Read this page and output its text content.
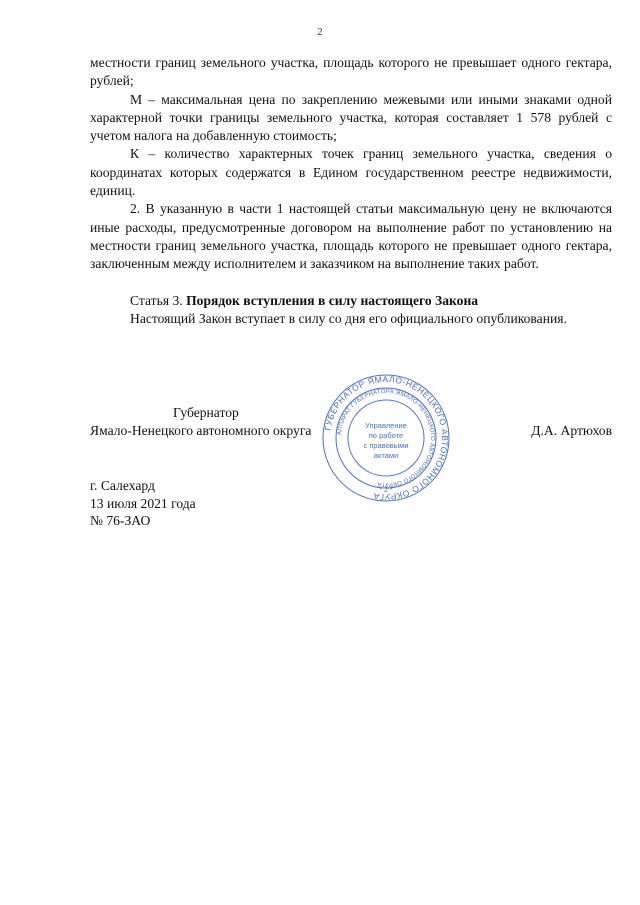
2

местности границ земельного участка, площадь которого не превышает одного гектара, рублей;

М – максимальная цена по закреплению межевыми или иными знаками одной характерной точки границы земельного участка, которая составляет 1 578 рублей с учетом налога на добавленную стоимость;

К – количество характерных точек границ земельного участка, сведения о координатах которых содержатся в Едином государственном реестре недвижимости, единиц.

2. В указанную в части 1 настоящей статьи максимальную цену не включаются иные расходы, предусмотренные договором на выполнение работ по установлению на местности границ земельного участка, площадь которого не превышает одного гектара, заключенным между исполнителем и заказчиком на выполнение таких работ.

Статья 3. Порядок вступления в силу настоящего Закона

Настоящий Закон вступает в силу со дня его официального опубликования.

ГУБЕРНАТОР ЯМАЛО-НЕНЕЦКОГО АВТОНОМНОГО ОКРУГА
АППАРАТ ГУБЕРНАТОРА ЯМАЛО-НЕНЕЦКОГО АВТОНОМНОГО ОКРУГА
Управление
по работе
с правовыми
актами
* 2 *
Губернатор
Ямало-Ненецкого автономного округа	Д.А. Артюхов

г. Салехард

13 июля 2021 года

№ 76-ЗАО
